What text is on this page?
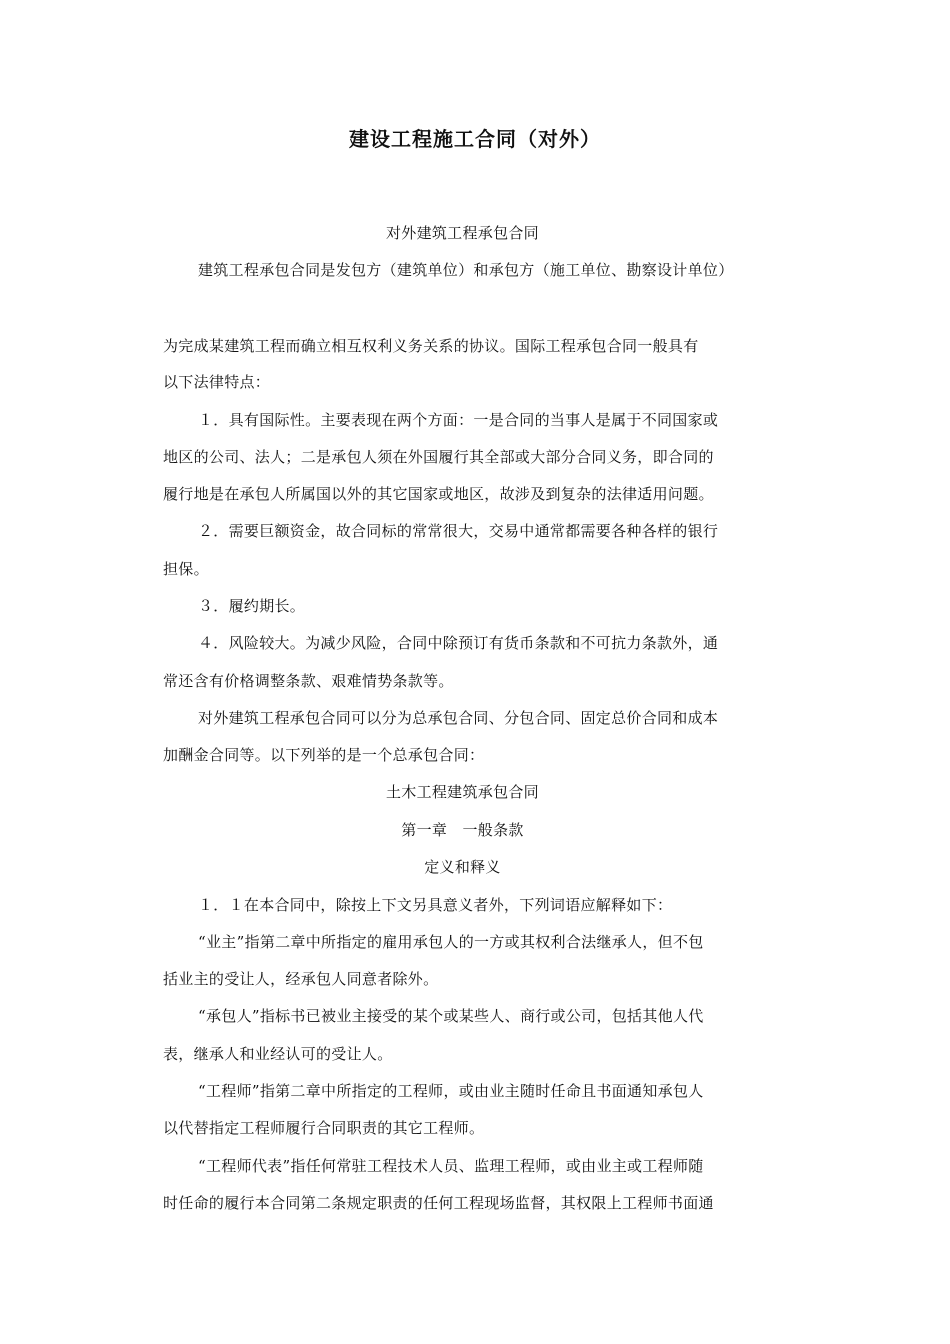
建设工程施工合同（对外）
对外建筑工程承包合同
建筑工程承包合同是发包方（建筑单位）和承包方（施工单位、勘察设计单位）
为完成某建筑工程而确立相互权利义务关系的协议。国际工程承包合同一般具有
以下法律特点：
１．具有国际性。主要表现在两个方面：一是合同的当事人是属于不同国家或
地区的公司、法人；二是承包人须在外国履行其全部或大部分合同义务，即合同的
履行地是在承包人所属国以外的其它国家或地区，故涉及到复杂的法律适用问题。
２．需要巨额资金，故合同标的常常很大，交易中通常都需要各种各样的银行
担保。
３．履约期长。
４．风险较大。为减少风险，合同中除预订有货币条款和不可抗力条款外，通
常还含有价格调整条款、艰难情势条款等。
对外建筑工程承包合同可以分为总承包合同、分包合同、固定总价合同和成本
加酬金合同等。以下列举的是一个总承包合同：
土木工程建筑承包合同
第一章　一般条款
定义和释义
１．１在本合同中，除按上下文另具意义者外，下列词语应解释如下：
“业主”指第二章中所指定的雇用承包人的一方或其权利合法继承人，但不包
括业主的受让人，经承包人同意者除外。
“承包人”指标书已被业主接受的某个或某些人、商行或公司，包括其他人代
表，继承人和业经认可的受让人。
“工程师”指第二章中所指定的工程师，或由业主随时任命且书面通知承包人
以代替指定工程师履行合同职责的其它工程师。
“工程师代表”指任何常驻工程技术人员、监理工程师，或由业主或工程师随
时任命的履行本合同第二条规定职责的任何工程现场监督，其权限上工程师书面通
